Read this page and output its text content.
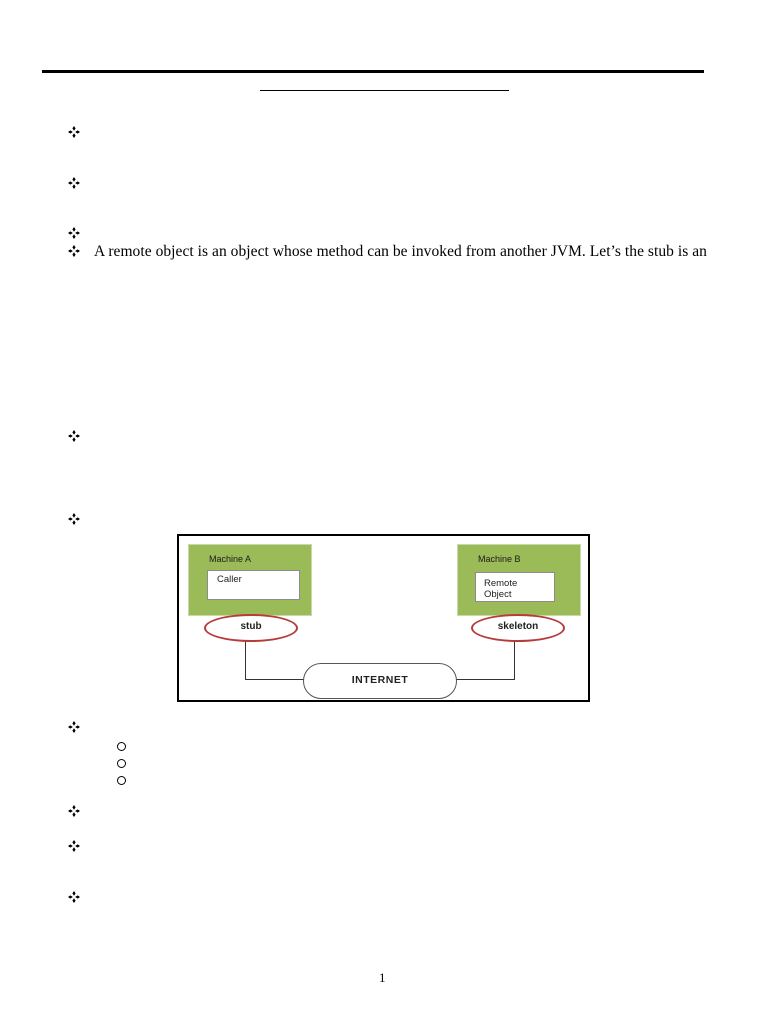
A remote object is an object whose method can be invoked from another JVM. Let’s the stub is an
Machine A
Caller
Machine B
Remote Object
stub	skeleton
INTERNET
1
